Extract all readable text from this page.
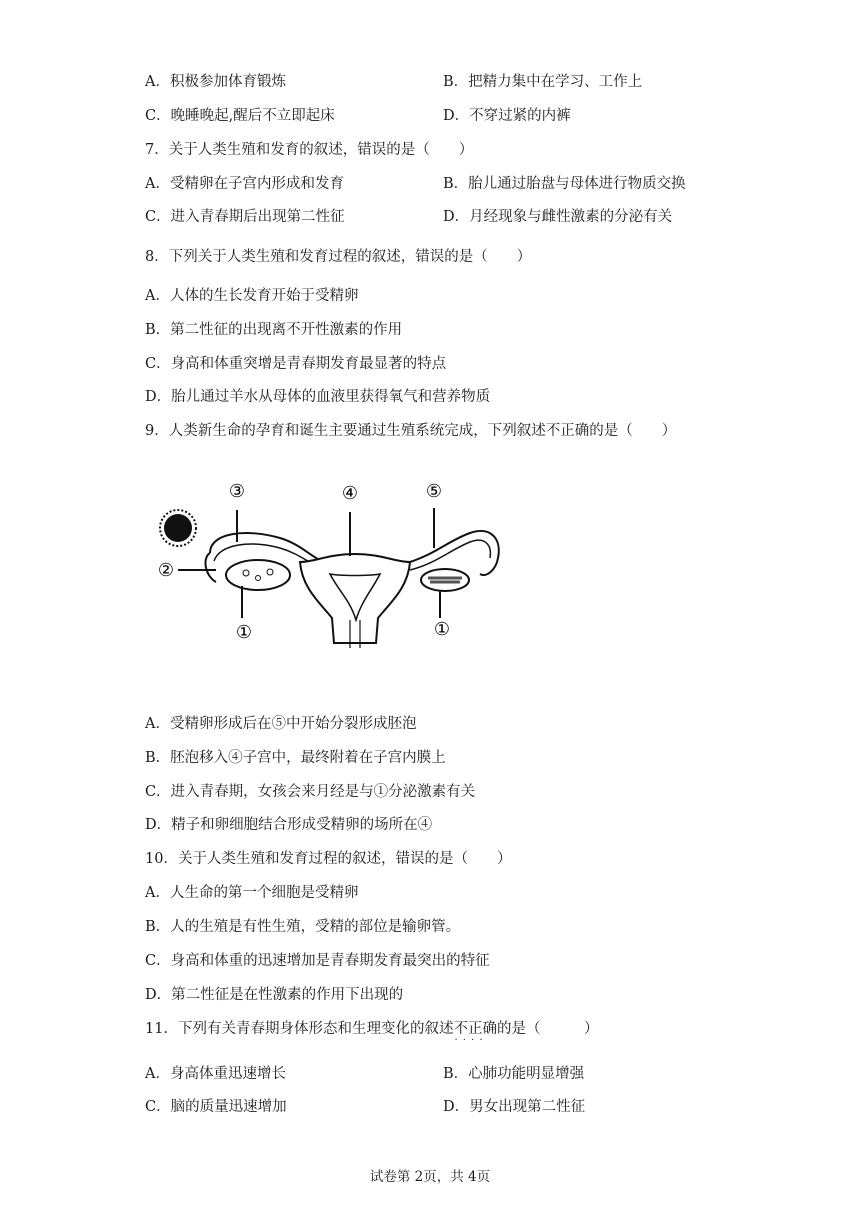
A．积极参加体育锻炼	B．把精力集中在学习、工作上
C．晚睡晚起,醒后不立即起床	D．不穿过紧的内裤
7．关于人类生殖和发育的叙述，错误的是（　　）
A．受精卵在子宫内形成和发育	B．胎儿通过胎盘与母体进行物质交换
C．进入青春期后出现第二性征	D．月经现象与雌性激素的分泌有关
8．下列关于人类生殖和发育过程的叙述，错误的是（　　）
A．人体的生长发育开始于受精卵
B．第二性征的出现离不开性激素的作用
C．身高和体重突增是青春期发育最显著的特点
D．胎儿通过羊水从母体的血液里获得氧气和营养物质
9．人类新生命的孕育和诞生主要通过生殖系统完成，下列叙述不正确的是（　　）
③	④	⑤
②
①	①
A．受精卵形成后在⑤中开始分裂形成胚泡
B．胚泡移入④子宫中，最终附着在子宫内膜上
C．进入青春期，女孩会来月经是与①分泌激素有关
D．精子和卵细胞结合形成受精卵的场所在④
10．关于人类生殖和发育过程的叙述，错误的是（　　）
A．人生命的第一个细胞是受精卵
B．人的生殖是有性生殖，受精的部位是输卵管。
C．身高和体重的迅速增加是青春期发育最突出的特征
D．第二性征是在性激素的作用下出现的
11．下列有关青春期身体形态和生理变化的叙述不正确 · · · ·的是（　　　）
A．身高体重迅速增长	B．心肺功能明显增强
C．脑的质量迅速增加	D．男女出现第二性征
试卷第 2页，共 4页
